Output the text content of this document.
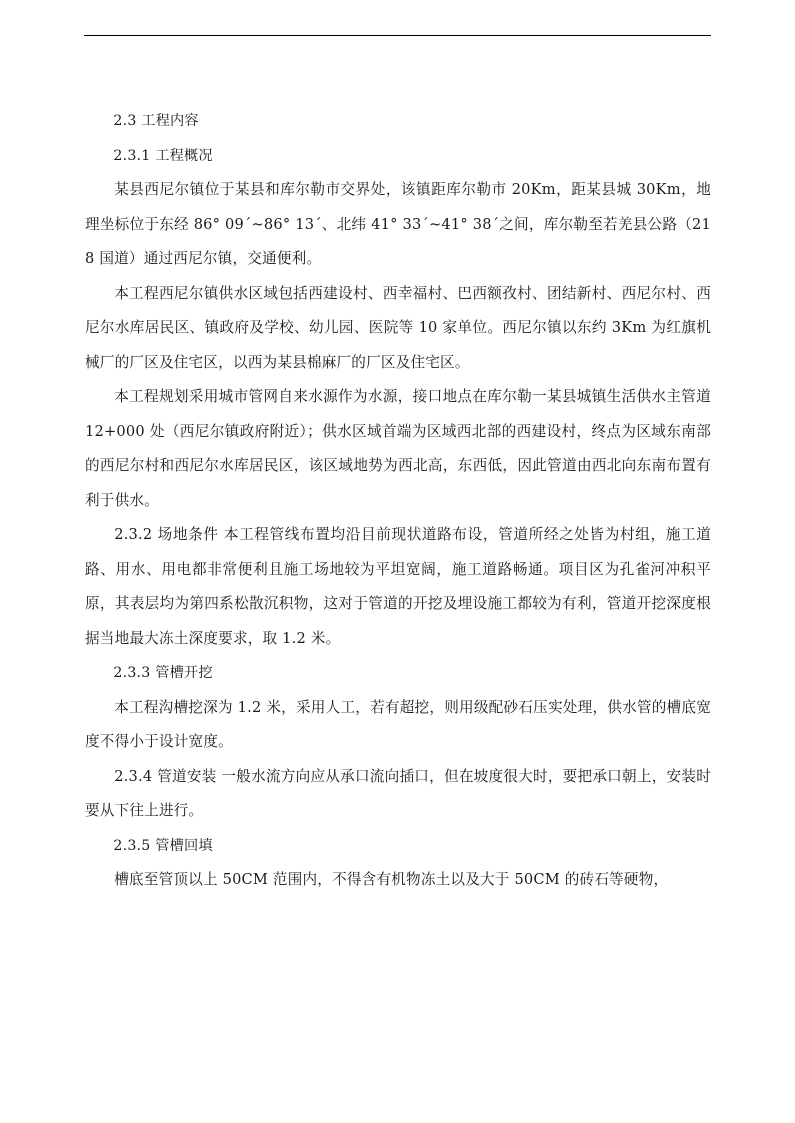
2.3 工程内容

2.3.1 工程概况

某县西尼尔镇位于某县和库尔勒市交界处，该镇距库尔勒市 20Km，距某县城 30Km，地理坐标位于东经 86° 09´~86° 13´、北纬 41° 33´~41° 38´之间，库尔勒至若羌县公路（218 国道）通过西尼尔镇，交通便利。

本工程西尼尔镇供水区域包括西建设村、西幸福村、巴西额孜村、团结新村、西尼尔村、西尼尔水库居民区、镇政府及学校、幼儿园、医院等 10 家单位。西尼尔镇以东约 3Km 为红旗机械厂的厂区及住宅区，以西为某县棉麻厂的厂区及住宅区。

本工程规划采用城市管网自来水源作为水源，接口地点在库尔勒一某县城镇生活供水主管道 12+000 处（西尼尔镇政府附近）；供水区域首端为区域西北部的西建设村，终点为区域东南部的西尼尔村和西尼尔水库居民区，该区域地势为西北高，东西低，因此管道由西北向东南布置有利于供水。

2.3.2 场地条件 本工程管线布置均沿目前现状道路布设，管道所经之处皆为村组，施工道路、用水、用电都非常便利且施工场地较为平坦宽阔，施工道路畅通。项目区为孔雀河冲积平原，其表层均为第四系松散沉积物，这对于管道的开挖及埋设施工都较为有利，管道开挖深度根据当地最大冻土深度要求，取 1.2 米。

2.3.3 管槽开挖

本工程沟槽挖深为 1.2 米，采用人工，若有超挖，则用级配砂石压实处理，供水管的槽底宽度不得小于设计宽度。

2.3.4 管道安装 一般水流方向应从承口流向插口，但在坡度很大时，要把承口朝上，安装时要从下往上进行。

2.3.5 管槽回填

槽底至管顶以上 50CM 范围内，不得含有机物冻土以及大于 50CM 的砖石等硬物，
